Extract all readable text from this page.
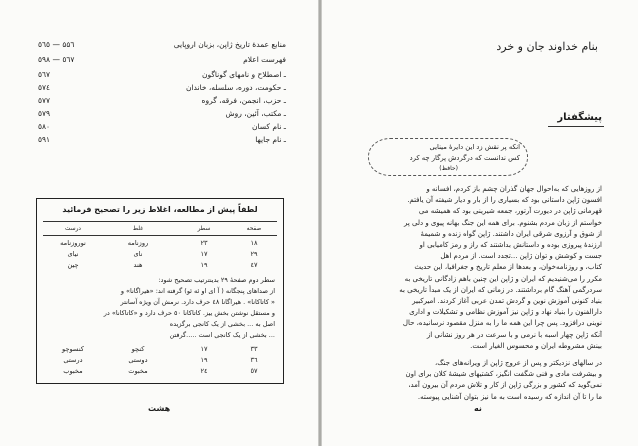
منابع عمدهٔ تاریخ ژاپن، بزبان اروپایی
۵۵٦ — ٥٦٥
فهرست اعلام
٥٦٧ — ٥٩٨
ـ اصطلاح و نامهای گوناگون
٥٦٧
ـ حکومت، دوره، سلسله، خاندان
٥٧٤
ـ حزب، انجمن، فرقه، گروه
٥٧٧
ـ مکتب، آئین، روش
٥٧٩
ـ نام کسان
٥٨٠
ـ نام جایها
٥٩١
لطفاً پیش از مطالعه، اغلاط زیر را تصحیح فرمائید
صفحه
سطر
غلط
درست
۱۸
۲۳
روزنامه
نوروزنامه
۲۹
۱۷
نای
نیای
٤۷
۱۹
هند
چین
سطر دوم صفحهٔ ۲۹ بدینترتیب تصحیح شود:
از صداهای پنجگانه ( آ ای او ئه ئو) گرفته اند: «هیراگانا» و
« کاتاکانا» . هیراگانا ٤۸ حرف دارد. نرمش آن ویژه آسانتر
و مستقل نوشتن بخش ییز. کاتاکانا ٥۰ حرف دارد و «کاتاکانا» در
اصل به ... بخشی از یک کانجی برگزیده
... بخشی از یک کانجی است .....گرفتن
۳۳
۱۷
کنچو
کنسوچو
٣٦
۱۹
دوستی
درستی
٥۷
٢٤
مخبوت
مخبوب
هشت
بنام خداوند جان و خرد
پیشگفتار
از روزهایی که به‌احوال جهان گذران چشم باز کردم، افسانه و
افسون ژاپن داستانی بود که بسیاری را از بار و دیار شیفته آن یافتم.
قهرمانی ژاپن در دیورت آرتور، جمعه شیرینی بود که همیشه می‌
خواستم از زبان مردم بشنوم. برای همه این جنگ بهانه پیوی و دلی پر
از شوق و آرزوی شرقی ایران داشتند. ژاپن گواه زنده و شمیمهٔ
ارزندهٔ پیروزی بوده و داستانش بداشتند که راز و رمز کامیابی او
جست و کوشش و توان ژاپن ...تجدد است. از مردم اهل
کتاب، و روزنامه‌خوان، و بعدها از معلم تاریخ و جغرافیا، این حدیث
مکرر را می‌شنیدیم که ایران و ژاپن این چنین باهم زادگانی تاریخی به
سردرگمی آهنگ گام برداشتند. در زمانی که ایران از یک مبدأ تاریخی به
بنیاد کنونی آموزش نوین و گردش تمدن عربی آغاز کردند. امیرکبیر
دارالفنون را بنیاد نهاد و ژاپن نیز آموزش نظامی و تشکیلات و اداری
نوینی درافزود. پس چرا این همه ما را به منزل مقصود نرسانیده، حال
آنکه ژاپن چهار اسبه با نرمی و با سرعت در هر روز نشانی از
بینش مشروطه ایران و محسوس الغیار است.
در سالهای نزدیکتر و پس از عروج ژاپن از ویرانه‌های جنگ،
و بیشرفت مادی و فنی شگفت انگیز، کشتیهای شیشهٔ کلان برای اون
نمی‌گوید که کشور و بزرگی ژاپن از کار و تلاش مردم آن بیرون آمد،
ما را تا آن اندازه که رسیده است به ما نیز بتوان آشنایی پیوسته.
نه
انکه پر نقش زد این دایرهٔ مینایی
کس ندانست که درگردش پرگار چه کرد
(حافظ)
